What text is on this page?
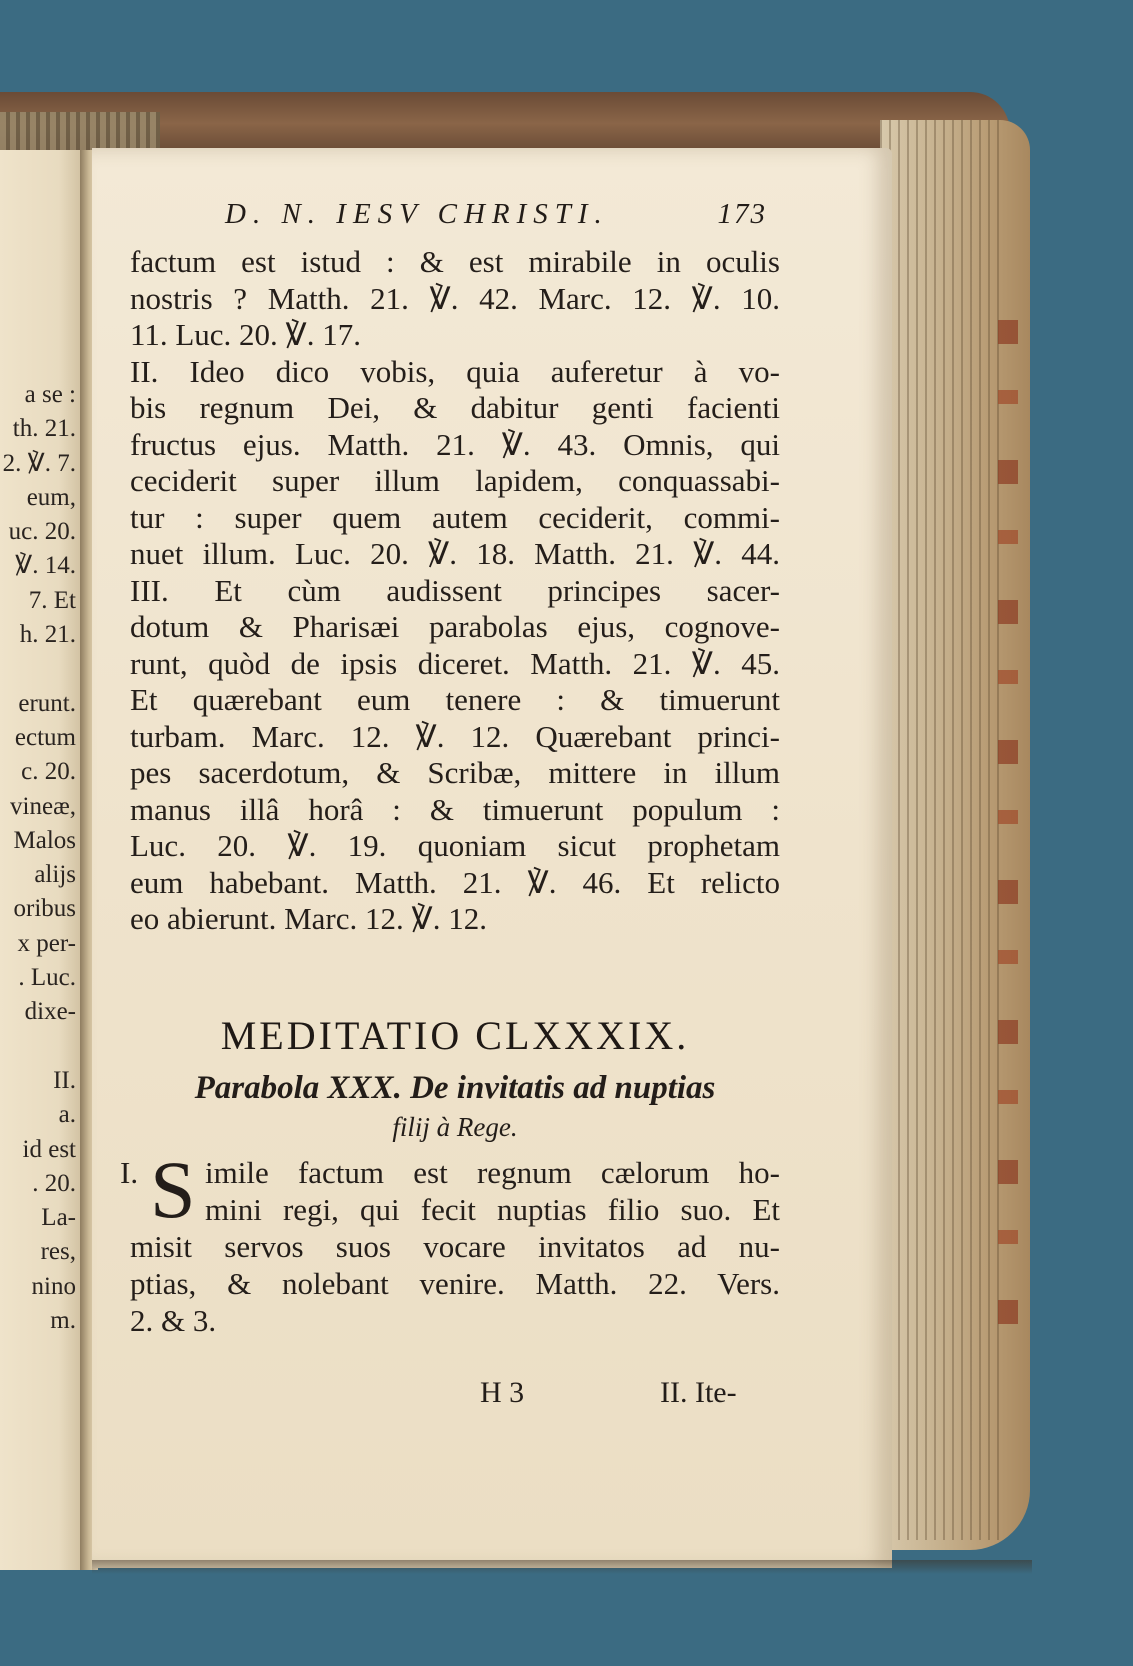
a se :
th. 21.
2. ℣. 7.
eum,
uc. 20.
℣. 14.
7. Et
h. 21.
erunt.
ectum
c. 20.
vineæ,
Malos
alijs
oribus
x per-
. Luc.
dixe-
II.
a.
id est
. 20.
La-
res,
nino
m.
D. N. IESV CHRISTI.	173
factum est istud : & est mirabile in oculis
nostris ? Matth. 21. ℣. 42. Marc. 12. ℣. 10.
11. Luc. 20. ℣. 17.
II. Ideo dico vobis, quia auferetur à vo-
bis regnum Dei, & dabitur genti facienti
fructus ejus. Matth. 21. ℣. 43. Omnis, qui
ceciderit super illum lapidem, conquassabi-
tur : super quem autem ceciderit, commi-
nuet illum. Luc. 20. ℣. 18. Matth. 21. ℣. 44.
III. Et cùm audissent principes sacer-
dotum & Pharisæi parabolas ejus, cognove-
runt, quòd de ipsis diceret. Matth. 21. ℣. 45.
Et quærebant eum tenere : & timuerunt
turbam. Marc. 12. ℣. 12. Quærebant princi-
pes sacerdotum, & Scribæ, mittere in illum
manus illâ horâ : & timuerunt populum :
Luc. 20. ℣. 19. quoniam sicut prophetam
eum habebant. Matth. 21. ℣. 46. Et relicto
eo abierunt. Marc. 12. ℣. 12.
MEDITATIO CLXXXIX.
Parabola XXX. De invitatis ad nuptias
filij à Rege.
I. S imile factum est regnum cælorum ho-
mini regi, qui fecit nuptias filio suo. Et
misit servos suos vocare invitatos ad nu-
ptias, & nolebant venire. Matth. 22. Vers.
2. & 3.
H 3	II. Ite-
